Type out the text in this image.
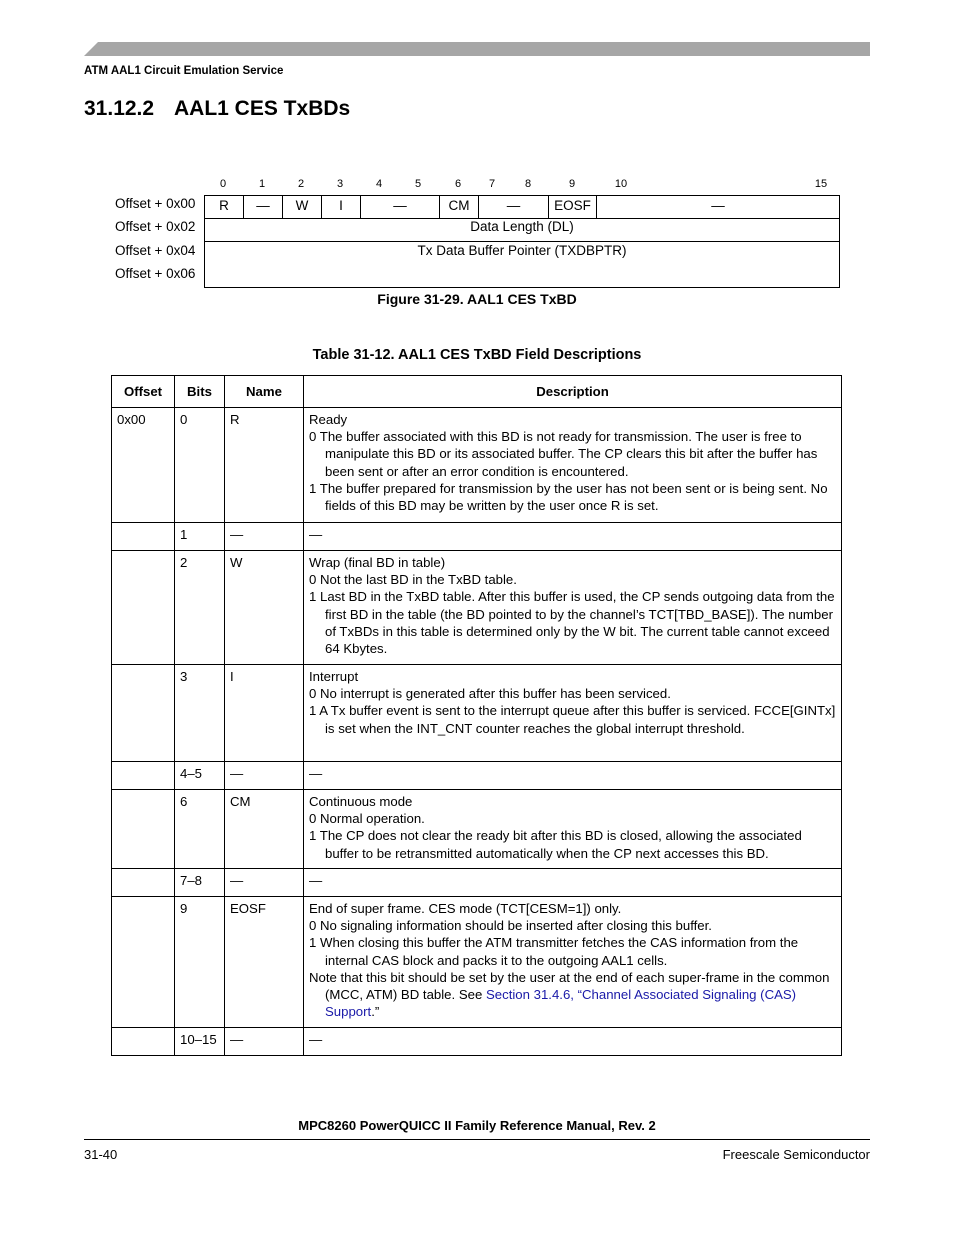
ATM AAL1 Circuit Emulation Service
31.12.2 AAL1 CES TxBDs
0	1	2	3	4	5	6	7	8	9	10	15
Offset + 0x00
Offset + 0x02
Offset + 0x04
Offset + 0x06
R	—	W	I	—	CM	—	EOSF	—
Data Length (DL)
Tx Data Buffer Pointer (TXDBPTR)
Figure 31-29. AAL1 CES TxBD
Table 31-12. AAL1 CES TxBD Field Descriptions
Offset	Bits	Name	Description
0x00	0	R	Ready
0 The buffer associated with this BD is not ready for transmission. The user is free to manipulate this BD or its associated buffer. The CP clears this bit after the buffer has been sent or after an error condition is encountered.
1 The buffer prepared for transmission by the user has not been sent or is being sent. No fields of this BD may be written by the user once R is set.

	1	—	—

	2	W	Wrap (final BD in table)
0 Not the last BD in the TxBD table.
1 Last BD in the TxBD table. After this buffer is used, the CP sends outgoing data from the first BD in the table (the BD pointed to by the channel’s TCT[TBD_BASE]). The number of TxBDs in this table is determined only by the W bit. The current table cannot exceed 64 Kbytes.

	3	I	Interrupt
0 No interrupt is generated after this buffer has been serviced.
1 A Tx buffer event is sent to the interrupt queue after this buffer is serviced. FCCE[GINTx] is set when the INT_CNT counter reaches the global interrupt threshold.

	4–5	—	—

	6	CM	Continuous mode
0 Normal operation.
1 The CP does not clear the ready bit after this BD is closed, allowing the associated buffer to be retransmitted automatically when the CP next accesses this BD.

	7–8	—	—

	9	EOSF	End of super frame. CES mode (TCT[CESM=1]) only.
0 No signaling information should be inserted after closing this buffer.
1 When closing this buffer the ATM transmitter fetches the CAS information from the internal CAS block and packs it to the outgoing AAL1 cells.
Note that this bit should be set by the user at the end of each super-frame in the common (MCC, ATM) BD table. See Section 31.4.6, “Channel Associated Signaling (CAS) Support.”

	10–15	—	—
MPC8260 PowerQUICC II Family Reference Manual, Rev. 2
31-40	Freescale Semiconductor
